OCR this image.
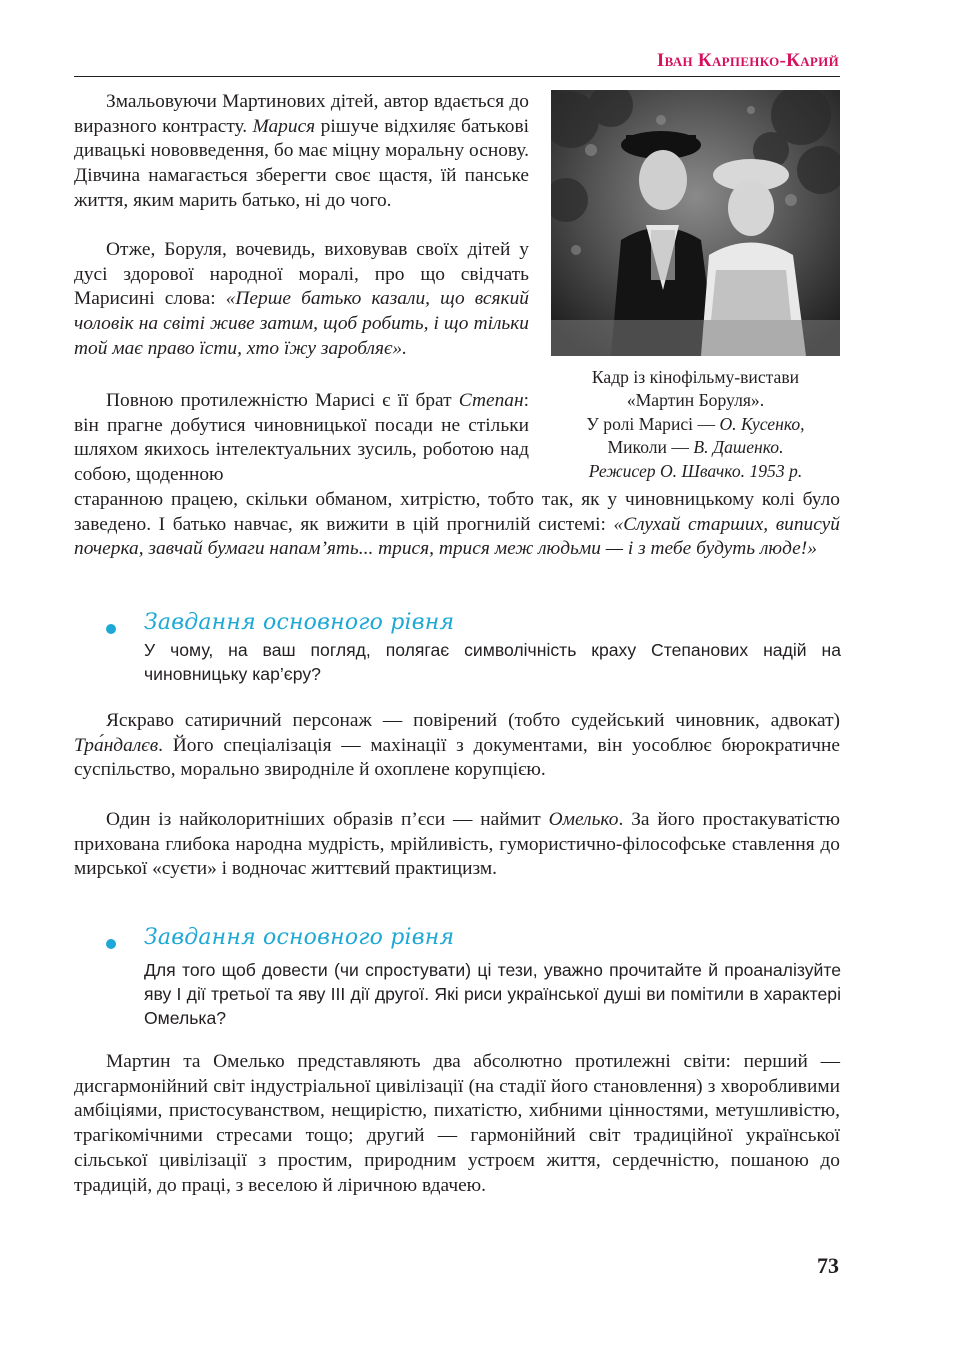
Іван Карпенко-Карий
Кадр із кінофільму-вистави
«Мартин Боруля».
У ролі Марисі — О. Кусенко,
Миколи — В. Дашенко.
Режисер О. Швачко. 1953 р.

Змальовуючи Мартинових дітей, автор вдається до виразного контрасту. Марися рішуче відхиляє батькові дивацькі нововведення, бо має міцну моральну основу. Дівчина намагається зберегти своє щастя, їй панське життя, яким марить батько, ні до чого.

Отже, Боруля, вочевидь, виховував своїх дітей у дусі здорової народної моралі, про що свідчать Марисині слова: «Перше батько казали, що всякий чоловік на світі живе затим, щоб робить, і що тільки той має право їсти, хто їжу заробляє».

Повною протилежністю Марисі є її брат Степан: він прагне добутися чиновницької посади не стільки шляхом якихось інтелектуальних зусиль, роботою над собою, щоденною

старанною працею, скільки обманом, хитрістю, тобто так, як у чиновницькому колі було заведено. І батько навчає, як вижити в цій прогнилій системі: «Слухай старших, виписуй почерка, завчай бумаги напам’ять... трися, трися меж людьми — і з тебе будуть люде!»

Завдання основного рівня

У чому, на ваш погляд, полягає символічність краху Степанових надій на чиновницьку кар’єру?

Яскраво сатиричний персонаж — повірений (тобто судейський чиновник, адвокат) Тра́ндалєв. Його спеціалізація — махінації з документами, він уособлює бюрократичне суспільство, морально звироднiле й охоплене корупцією.

Один із найколоритніших образів п’єси — наймит Омелько. За його простакуватістю прихована глибока народна мудрість, мрійливість, гумористично-філософське ставлення до мирської «суєти» і водночас життєвий практицизм.

Завдання основного рівня

Для того щоб довести (чи спростувати) ці тези, уважно прочитайте й проаналізуйте яву І дії третьої та яву ІІІ дії другої. Які риси української душі ви помітили в характері Омелька?

Мартин та Омелько представляють два абсолютно протилежні світи: перший — дисгармонійний світ індустріальної цивілізації (на стадії його становлення) з хворобливими амбіціями, пристосуванством, нещирістю, пихатістю, хибними цінностями, метушливістю, трагікомічними стресами тощо; другий — гармонійний світ традиційної української сільської цивілізації з простим, природним устроєм життя, сердечністю, пошаною до традицій, до праці, з веселою й ліричною вдачею.

73
